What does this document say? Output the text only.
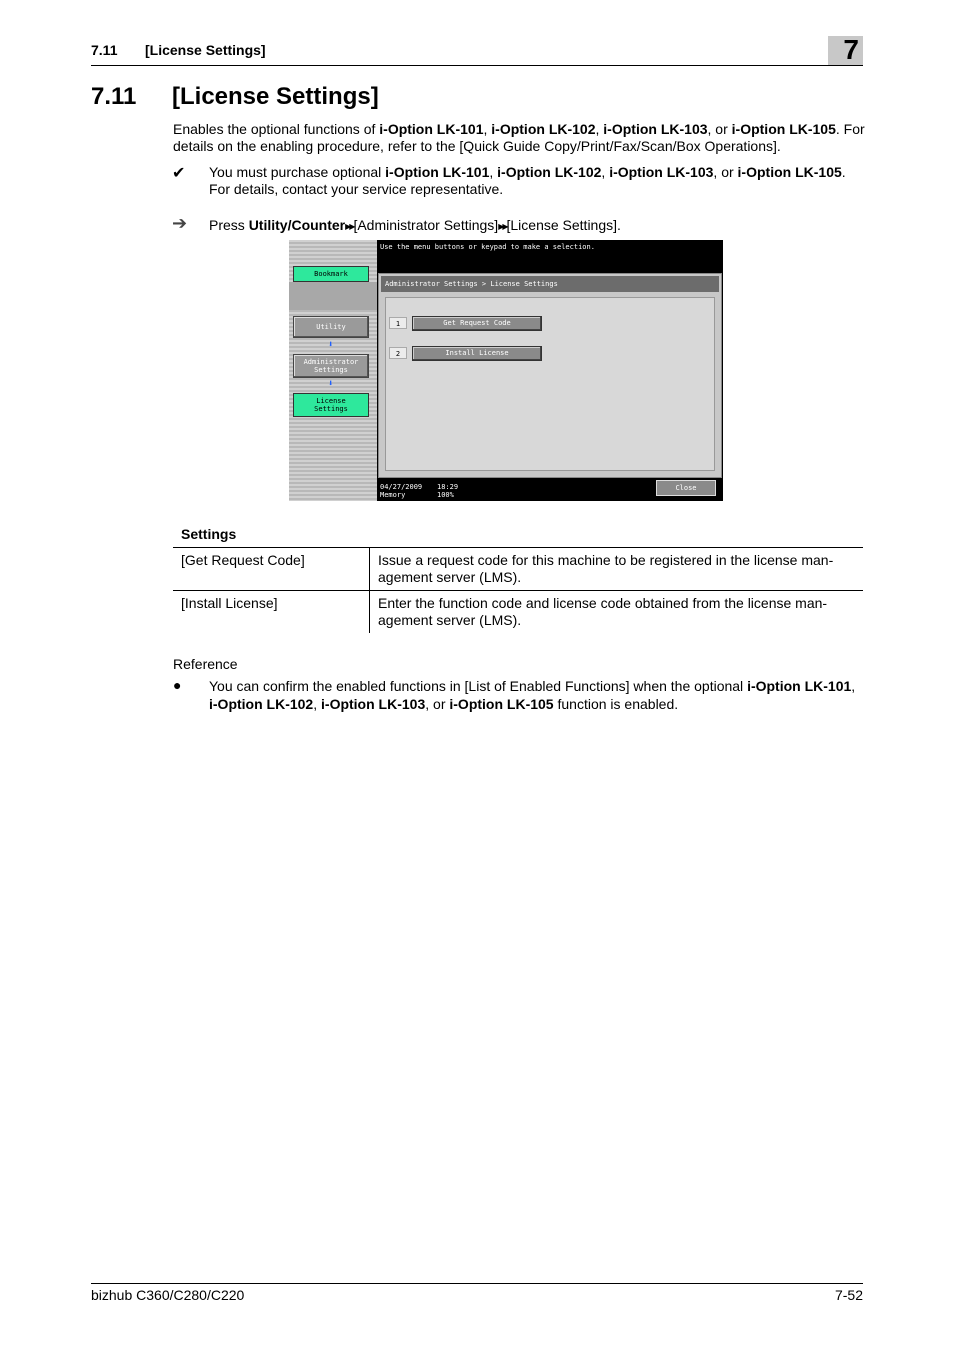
7.11 [License Settings]	7
7.11 [License Settings]
Enables the optional functions of i-Option LK-101, i-Option LK-102, i-Option LK-103, or i-Option LK-105. For details on the enabling procedure, refer to the [Quick Guide Copy/Print/Fax/Scan/Box Operations].
✔ You must purchase optional i-Option LK-101, i-Option LK-102, i-Option LK-103, or i-Option LK-105. For details, contact your service representative.
➔ Press Utility/Counter▶▶[Administrator Settings]▶▶[License Settings].
Bookmark
Utility
⬇
Administrator
Settings
⬇
License
Settings
Use the menu buttons or keypad to make a selection.
Administrator Settings > License Settings
1	Get Request Code
2	Install License
04/27/2009
Memory
18:29
100%
Close
Settings
[Get Request Code]	Issue a request code for this machine to be registered in the license man-agement server (LMS).
[Install License]	Enter the function code and license code obtained from the license man-agement server (LMS).
Reference
● You can confirm the enabled functions in [List of Enabled Functions] when the optional i-Option LK-101, i-Option LK-102, i-Option LK-103, or i-Option LK-105 function is enabled.
bizhub C360/C280/C220	7-52
